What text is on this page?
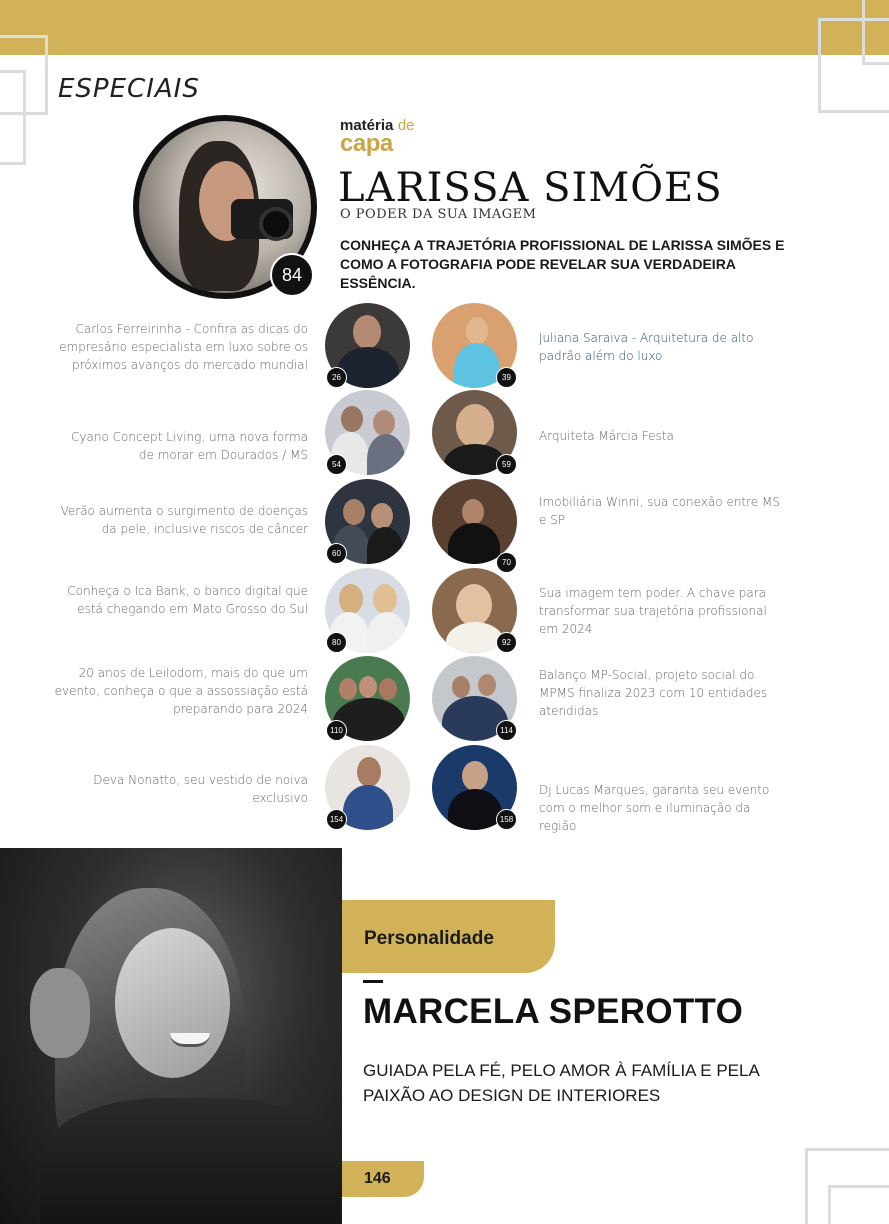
ESPECIAIS
84
matéria de
capa
LARISSA SIMÕES
O PODER DA SUA IMAGEM
CONHEÇA A TRAJETÓRIA PROFISSIONAL DE LARISSA SIMÕES E COMO A FOTOGRAFIA PODE REVELAR SUA VERDADEIRA ESSÊNCIA.
26
Carlos Ferreirinha - Confira as dicas do empresário especialista em luxo sobre os próximos avanços do mercado mundial
54
Cyano Concept Living, uma nova forma de morar em Dourados / MS
60
Verão aumenta o surgimento de doenças da pele, inclusive riscos de câncer
80
Conheça o Ica Bank, o banco digital que está chegando em Mato Grosso do Sul
110
20 anos de Leilodom, mais do que um evento, conheça o que a assossiação está preparando para 2024
154
Deva Nonatto, seu vestido de noiva exclusivo
39
Juliana Saraiva - Arquitetura de alto padrão além do luxo
59
Arquiteta Márcia Festa
70
Imobiliária Winni, sua conexão entre MS e SP
92
Sua imagem tem poder. A chave para transformar sua trajetória profissional em 2024
114
Balanço MP-Social, projeto social do MPMS finaliza 2023 com 10 entidades atendidas
158
Dj Lucas Marques, garanta seu evento com o melhor som e iluminação da região
Personalidade
MARCELA SPEROTTO
GUIADA PELA FÉ, PELO AMOR À FAMÍLIA E PELA PAIXÃO AO DESIGN DE INTERIORES
146
